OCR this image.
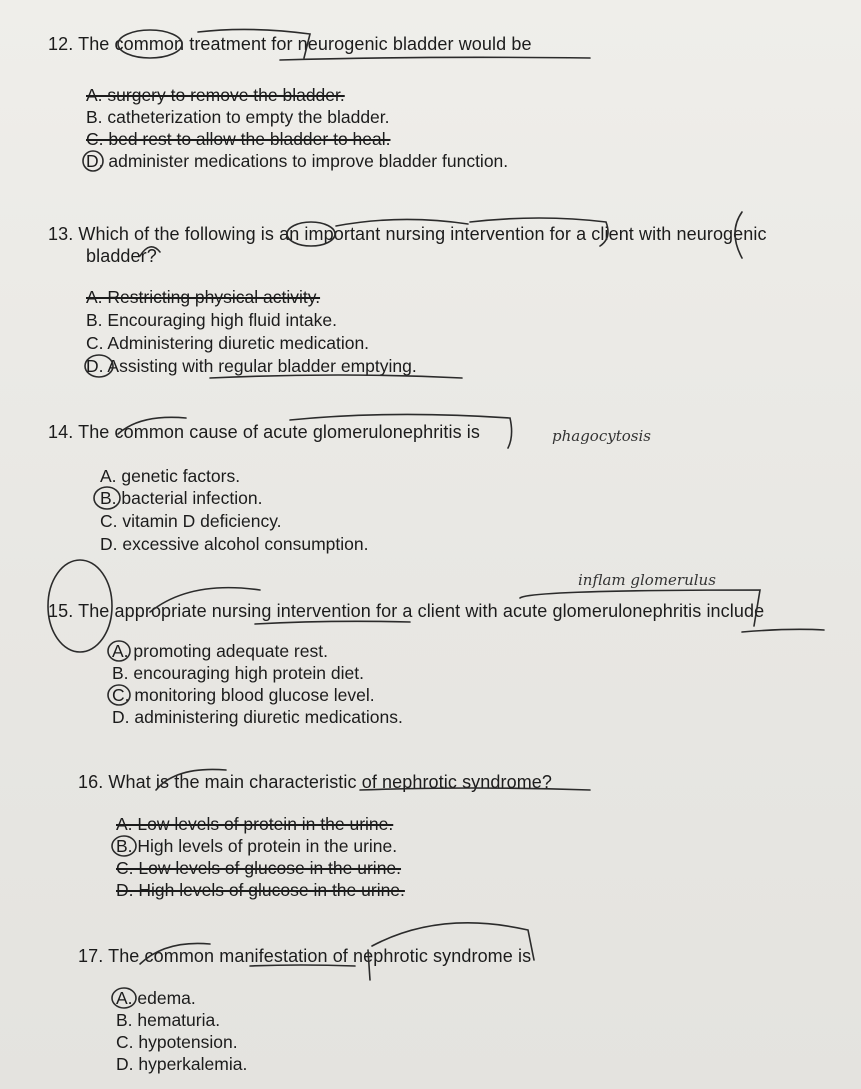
12. The common treatment for neurogenic bladder would be
A. surgery to remove the bladder.
B. catheterization to empty the bladder.
C. bed rest to allow the bladder to heal.
D. administer medications to improve bladder function.
13. Which of the following is an important nursing intervention for a client with neurogenic
bladder?
A. Restricting physical activity.
B. Encouraging high fluid intake.
C. Administering diuretic medication.
D. Assisting with regular bladder emptying.
14. The common cause of acute glomerulonephritis is
A. genetic factors.
B. bacterial infection.
C. vitamin D deficiency.
D. excessive alcohol consumption.
phagocytosis
15. The appropriate nursing intervention for a client with acute glomerulonephritis include
A. promoting adequate rest.
B. encouraging high protein diet.
C. monitoring blood glucose level.
D. administering diuretic medications.
inflam glomerulus
16. What is the main characteristic of nephrotic syndrome?
A. Low levels of protein in the urine.
B. High levels of protein in the urine.
C. Low levels of glucose in the urine.
D. High levels of glucose in the urine.
17. The common manifestation of nephrotic syndrome is
A. edema.
B. hematuria.
C. hypotension.
D. hyperkalemia.
